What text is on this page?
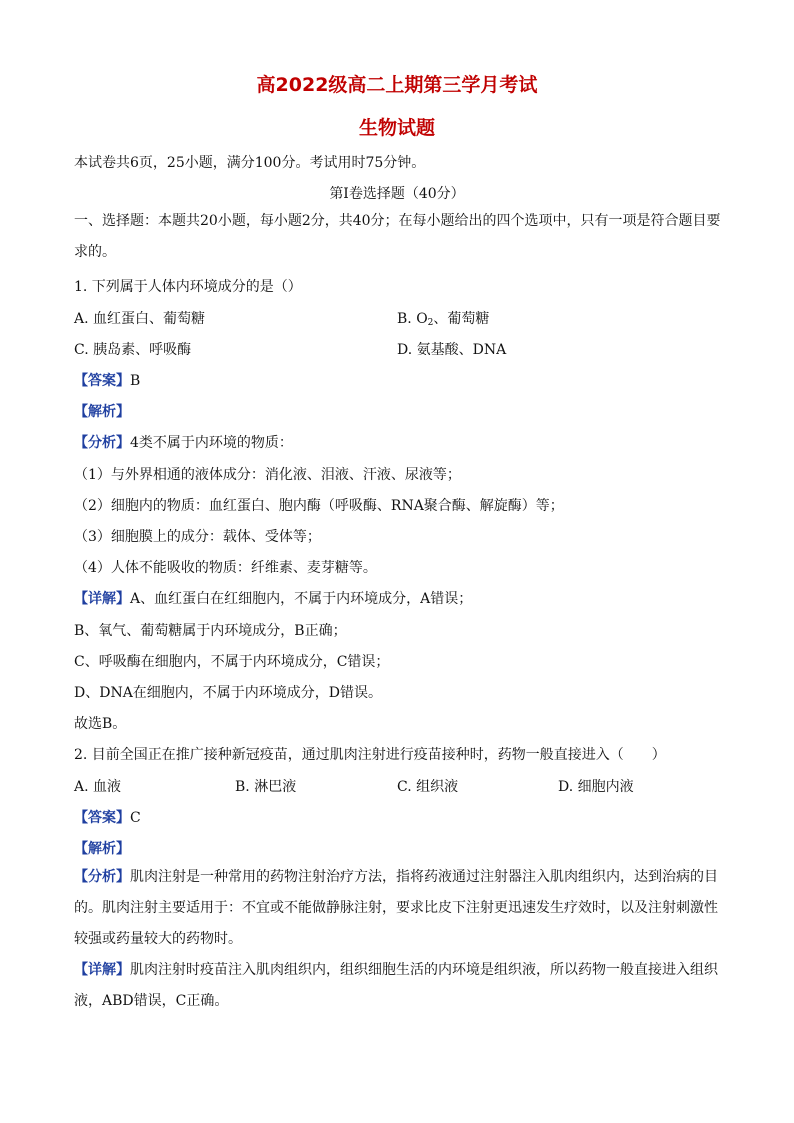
高2022级高二上期第三学月考试
生物试题
本试卷共6页，25小题，满分100分。考试用时75分钟。
第Ⅰ卷选择题（40分）
一、选择题：本题共20小题，每小题2分，共40分；在每小题给出的四个选项中，只有一项是符合题目要求的。
1. 下列属于人体内环境成分的是（）
A. 血红蛋白、葡萄糖	B. $O_2$、葡萄糖
C. 胰岛素、呼吸酶	D. 氨基酸、DNA
【答案】B
【解析】
【分析】4类不属于内环境的物质：
（1）与外界相通的液体成分：消化液、泪液、汗液、尿液等；
（2）细胞内的物质：血红蛋白、胞内酶（呼吸酶、RNA聚合酶、解旋酶）等；
（3）细胞膜上的成分：载体、受体等；
（4）人体不能吸收的物质：纤维素、麦芽糖等。
【详解】A、血红蛋白在红细胞内，不属于内环境成分，A错误；
B、氧气、葡萄糖属于内环境成分，B正确；
C、呼吸酶在细胞内，不属于内环境成分，C错误；
D、DNA在细胞内，不属于内环境成分，D错误。
故选B。
2. 目前全国正在推广接种新冠疫苗，通过肌肉注射进行疫苗接种时，药物一般直接进入（　　）
A. 血液	B. 淋巴液	C. 组织液	D. 细胞内液
【答案】C
【解析】
【分析】肌肉注射是一种常用的药物注射治疗方法，指将药液通过注射器注入肌肉组织内，达到治病的目的。肌肉注射主要适用于：不宜或不能做静脉注射，要求比皮下注射更迅速发生疗效时，以及注射刺激性较强或药量较大的药物时。
【详解】肌肉注射时疫苗注入肌肉组织内，组织细胞生活的内环境是组织液，所以药物一般直接进入组织液，ABD错误，C正确。
